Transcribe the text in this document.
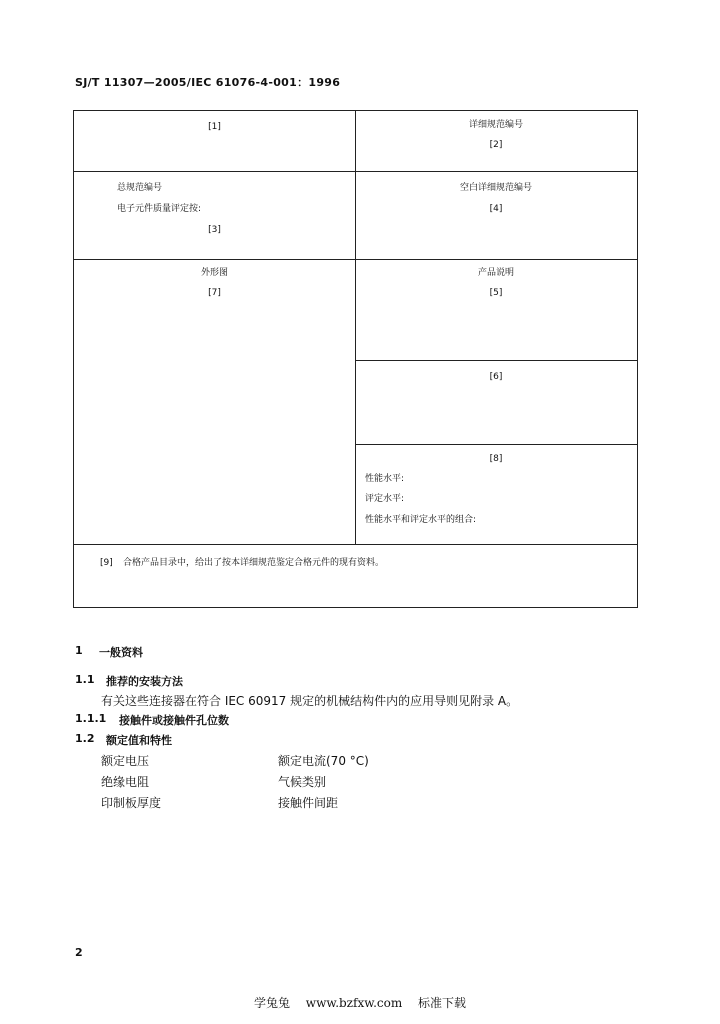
SJ/T 11307—2005/IEC 61076-4-001：1996
[1]	详细规范编号
[2]
总规范编号
电子元件质量评定按:
[3]
空白详细规范编号
[4]
外形图
[7]
产品说明
[5]
[6]
[8]
性能水平:
评定水平:
性能水平和评定水平的组合:
[9] 合格产品目录中，给出了按本详细规范鉴定合格元件的现有资料。
1 一般资料
1.1 推荐的安装方法
有关这些连接器在符合 IEC 60917 规定的机械结构件内的应用导则见附录 A。
1.1.1 接触件或接触件孔位数
1.2 额定值和特性
额定电压
绝缘电阻
印制板厚度
额定电流(70 °C)
气候类别
接触件间距
2
学兔兔 www.bzfxw.com 标准下载
